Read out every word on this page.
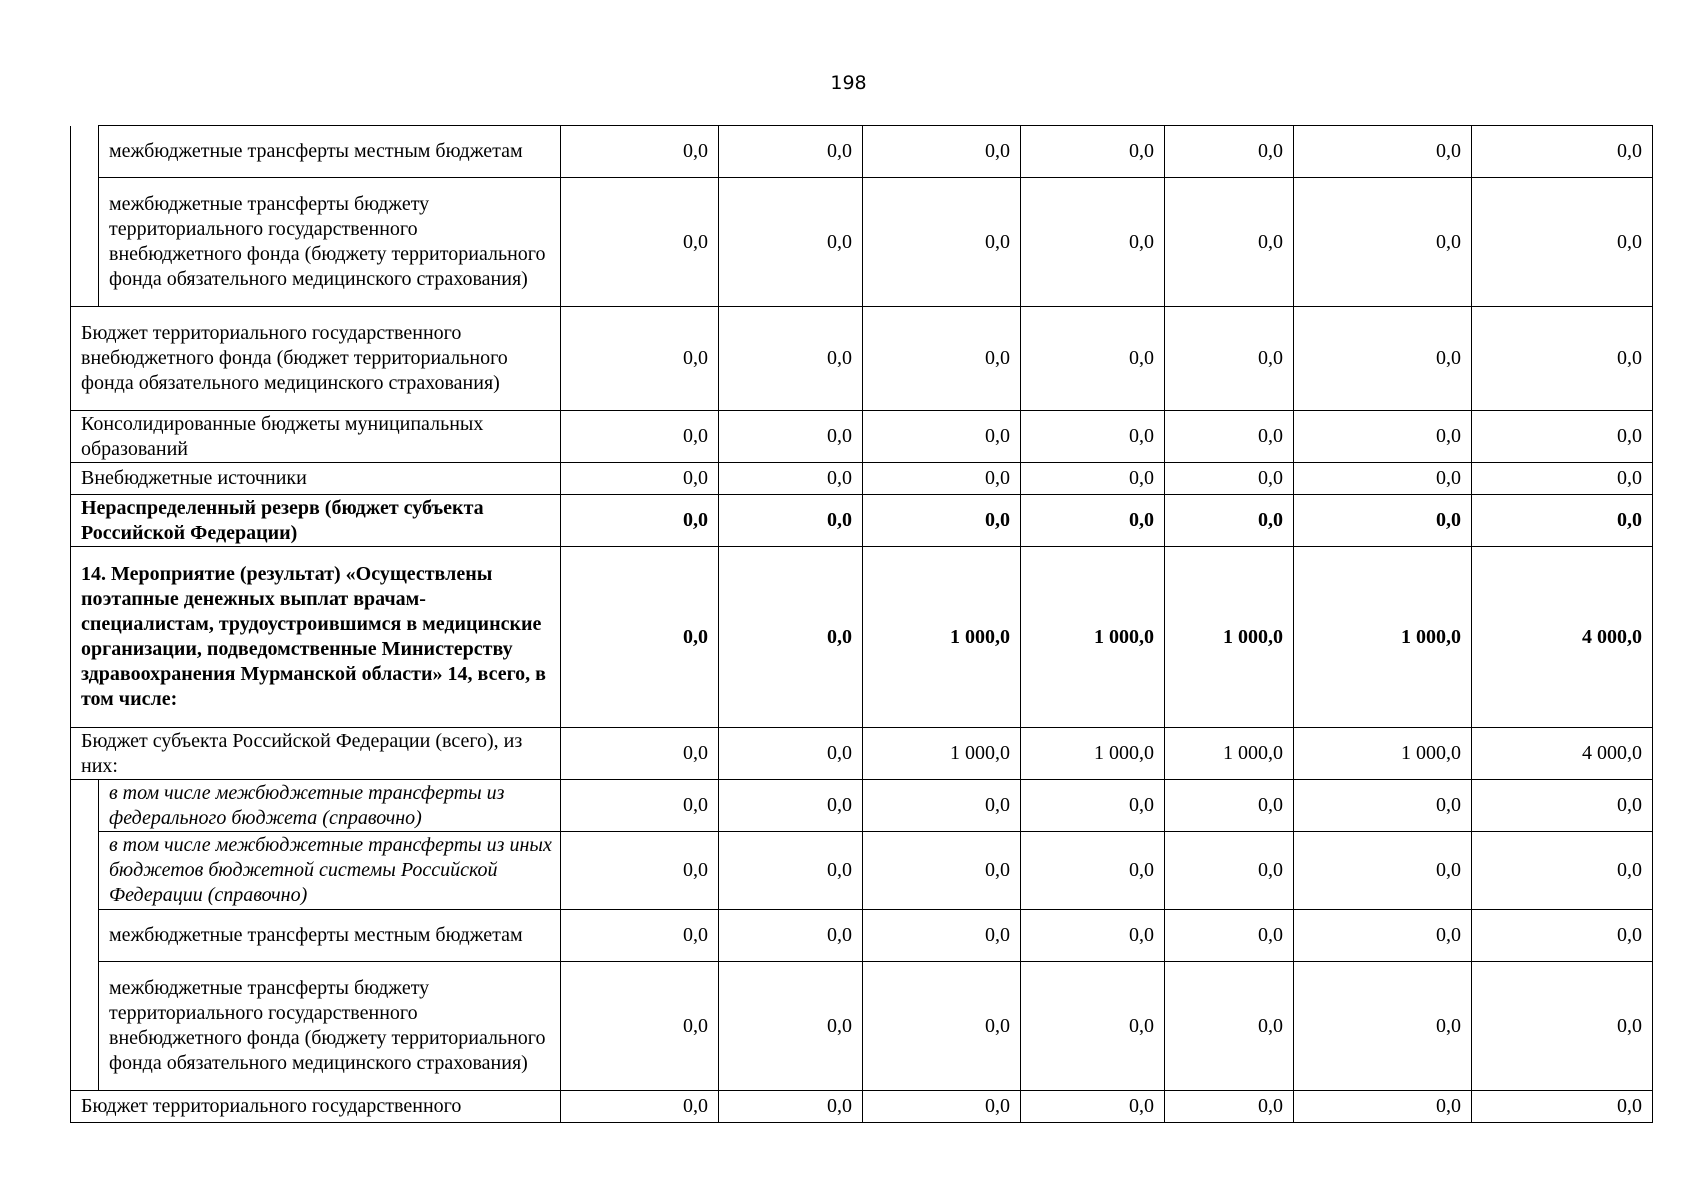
198
	межбюджетные трансферты местным бюджетам	0,0	0,0	0,0	0,0	0,0	0,0	0,0
	межбюджетные трансферты бюджету территориального государственного внебюджетного фонда (бюджету территориального фонда обязательного медицинского страхования)	0,0	0,0	0,0	0,0	0,0	0,0	0,0
Бюджет территориального государственного внебюджетного фонда (бюджет территориального фонда обязательного медицинского страхования)		0,0	0,0	0,0	0,0	0,0	0,0	0,0
Консолидированные бюджеты муниципальных образований		0,0	0,0	0,0	0,0	0,0	0,0	0,0
Внебюджетные источники		0,0	0,0	0,0	0,0	0,0	0,0	0,0
Нераспределенный резерв (бюджет субъекта Российской Федерации)		0,0	0,0	0,0	0,0	0,0	0,0	0,0
14. Мероприятие (результат) «Осуществлены поэтапные денежных выплат врачам-специалистам, трудоустроившимся в медицинские организации, подведомственные Министерству здравоохранения Мурманской области» 14, всего, в том числе:		0,0	0,0	1 000,0	1 000,0	1 000,0	1 000,0	4 000,0
Бюджет субъекта Российской Федерации (всего), из них:		0,0	0,0	1 000,0	1 000,0	1 000,0	1 000,0	4 000,0
	в том числе межбюджетные трансферты из федерального бюджета (справочно)	0,0	0,0	0,0	0,0	0,0	0,0	0,0
	в том числе межбюджетные трансферты из иных бюджетов бюджетной системы Российской Федерации (справочно)	0,0	0,0	0,0	0,0	0,0	0,0	0,0
	межбюджетные трансферты местным бюджетам	0,0	0,0	0,0	0,0	0,0	0,0	0,0
	межбюджетные трансферты бюджету территориального государственного внебюджетного фонда (бюджету территориального фонда обязательного медицинского страхования)	0,0	0,0	0,0	0,0	0,0	0,0	0,0
Бюджет территориального государственного		0,0	0,0	0,0	0,0	0,0	0,0	0,0
